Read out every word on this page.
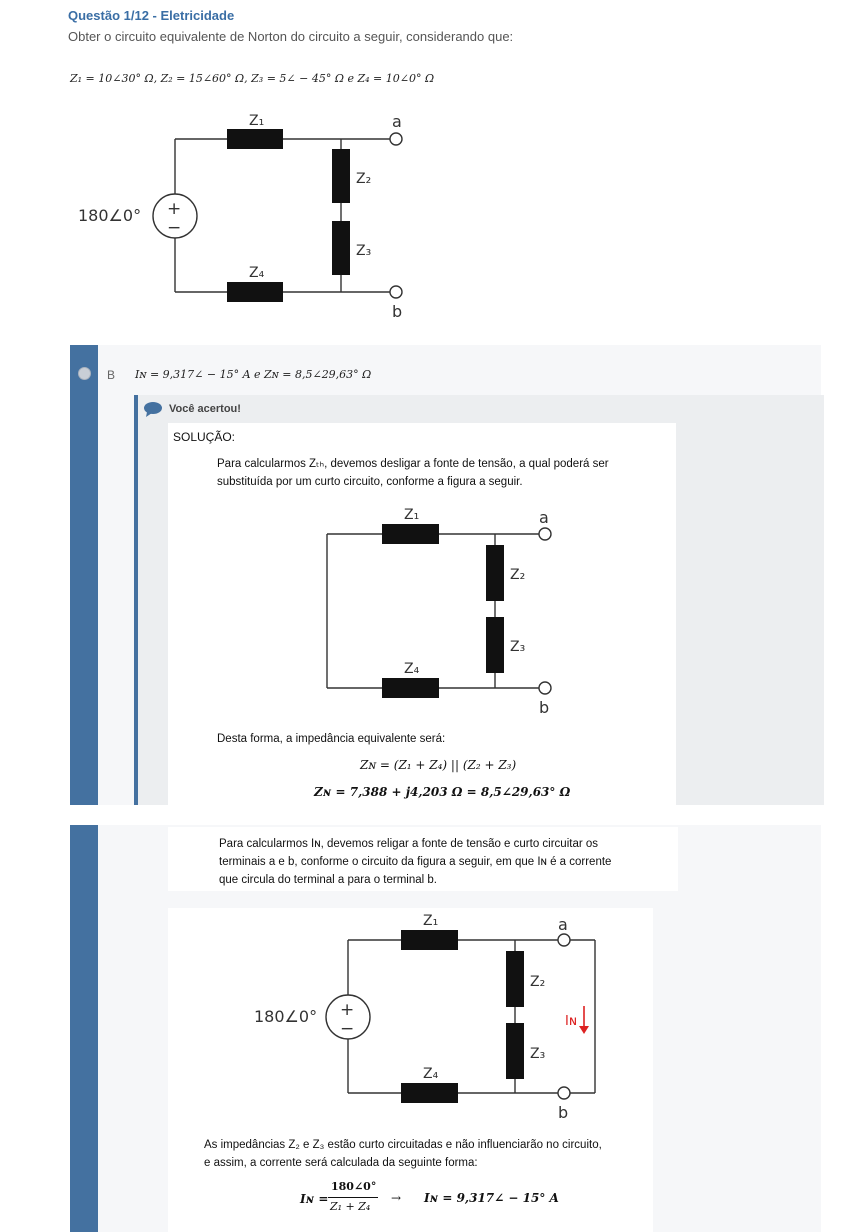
Questão 1/12 - Eletricidade
Obter o circuito equivalente de Norton do circuito a seguir, considerando que:
Z₁ = 10∠30° Ω, Z₂ = 15∠60° Ω, Z₃ = 5∠ − 45° Ω e Z₄ = 10∠0° Ω
Z₁
Z₂
Z₃
Z₄
a
b
180∠0° +
−
B Iɴ = 9,317∠ − 15° A e Zɴ = 8,5∠29,63° Ω
Você acertou!
SOLUÇÃO:
Para calcularmos Zₜₕ, devemos desligar a fonte de tensão, a qual poderá ser
substituída por um curto circuito, conforme a figura a seguir.
Z₁
Z₂
Z₃
Z₄
a
b
Desta forma, a impedância equivalente será:
Zɴ = (Z₁ + Z₄) || (Z₂ + Z₃)
Zɴ = 7,388 + j4,203 Ω = 8,5∠29,63° Ω
Para calcularmos Iɴ, devemos religar a fonte de tensão e curto circuitar os
terminais a e b, conforme o circuito da figura a seguir, em que Iɴ é a corrente
que circula do terminal a para o terminal b.
Z₁
Z₂
Z₃
Z₄
a
b
180∠0° +
−	Iɴ
As impedâncias Z₂ e Z₃ estão curto circuitadas e não influenciarão no circuito,
e assim, a corrente será calculada da seguinte forma:
Iɴ =
180∠0°
Z₁ + Z₄
→ Iɴ = 9,317∠ − 15° A
